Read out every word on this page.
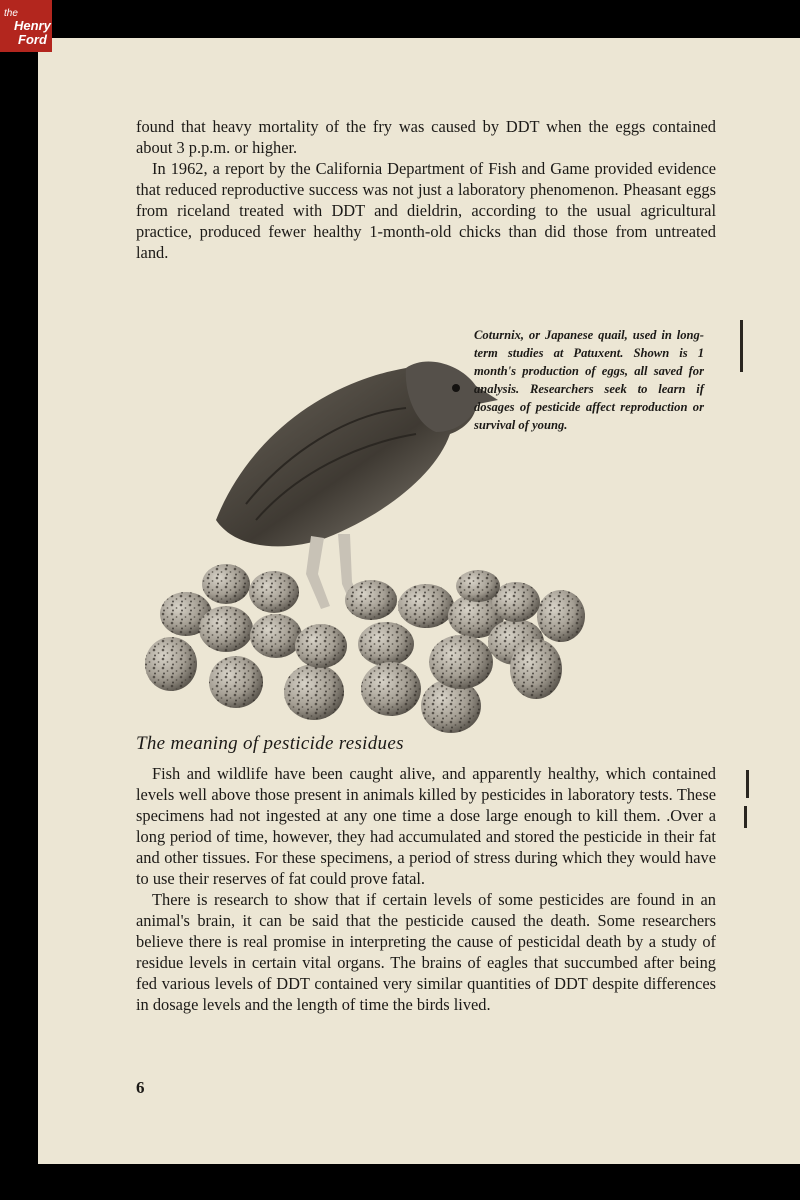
the
Henry
Ford

found that heavy mortality of the fry was caused by DDT when the eggs contained about 3 p.p.m. or higher.

In 1962, a report by the California Department of Fish and Game provided evidence that reduced reproductive success was not just a laboratory phenomenon. Pheasant eggs from riceland treated with DDT and dieldrin, according to the usual agricultural practice, produced fewer healthy 1-month-old chicks than did those from untreated land.

Coturnix, or Japanese quail, used in long-term studies at Patuxent. Shown is 1 month's production of eggs, all saved for analysis. Researchers seek to learn if dosages of pesticide affect reproduction or survival of young.
The meaning of pesticide residues

Fish and wildlife have been caught alive, and apparently healthy, which contained levels well above those present in animals killed by pesticides in laboratory tests. These specimens had not ingested at any one time a dose large enough to kill them. .Over a long period of time, however, they had accumulated and stored the pesticide in their fat and other tissues. For these specimens, a period of stress during which they would have to use their reserves of fat could prove fatal.

There is research to show that if certain levels of some pesticides are found in an animal's brain, it can be said that the pesticide caused the death. Some researchers believe there is real promise in interpreting the cause of pesticidal death by a study of residue levels in certain vital organs. The brains of eagles that succumbed after being fed various levels of DDT contained very similar quantities of DDT despite differences in dosage levels and the length of time the birds lived.

6
